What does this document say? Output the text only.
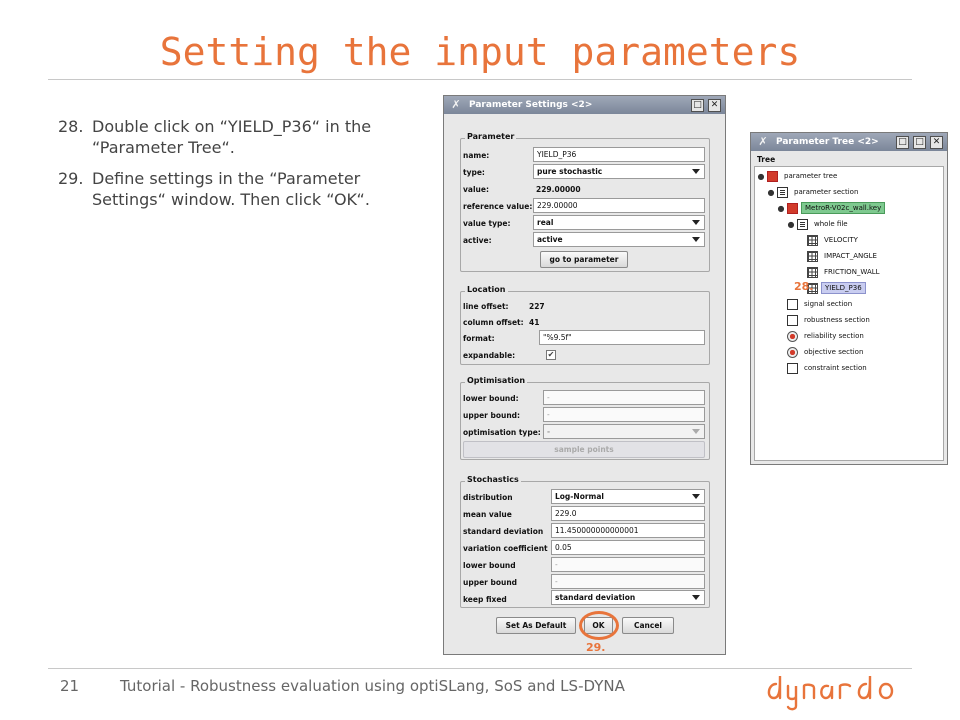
Setting the input parameters
28. Double click on “YIELD_P36“ in the “Parameter Tree“.
29. Define settings in the “Parameter Settings“ window. Then click “OK“.
✗ Parameter Settings <2>	□ ✕
Parameter
name:	YIELD_P36
type:	pure stochastic
value:	229.00000
reference value: 229.00000
value type:	real
active:	active
go to parameter
Location
line offset:	227
column offset: 41
format:	"%9.5f"
expandable:	✔
Optimisation
lower bound:	-
upper bound:	-
optimisation type: -
sample points
Stochastics
distribution	Log-Normal
mean value	229.0
standard deviation	11.450000000000001
variation coefficient 0.05
lower bound	-
upper bound	-
keep fixed	standard deviation
Set As Default	OK	Cancel
29.
✗ Parameter Tree <2>	□ □ ✕
Tree
●	parameter tree
●	parameter section
●	MetroR-V02c_wall.key
●	whole file
VELOCITY
IMPACT_ANGLE
FRICTION_WALL
YIELD_P36
signal section
robustness section
reliability section
objective section
constraint section
28.
21	Tutorial - Robustness evaluation using optiSLang, SoS and LS-DYNA
dynardo
